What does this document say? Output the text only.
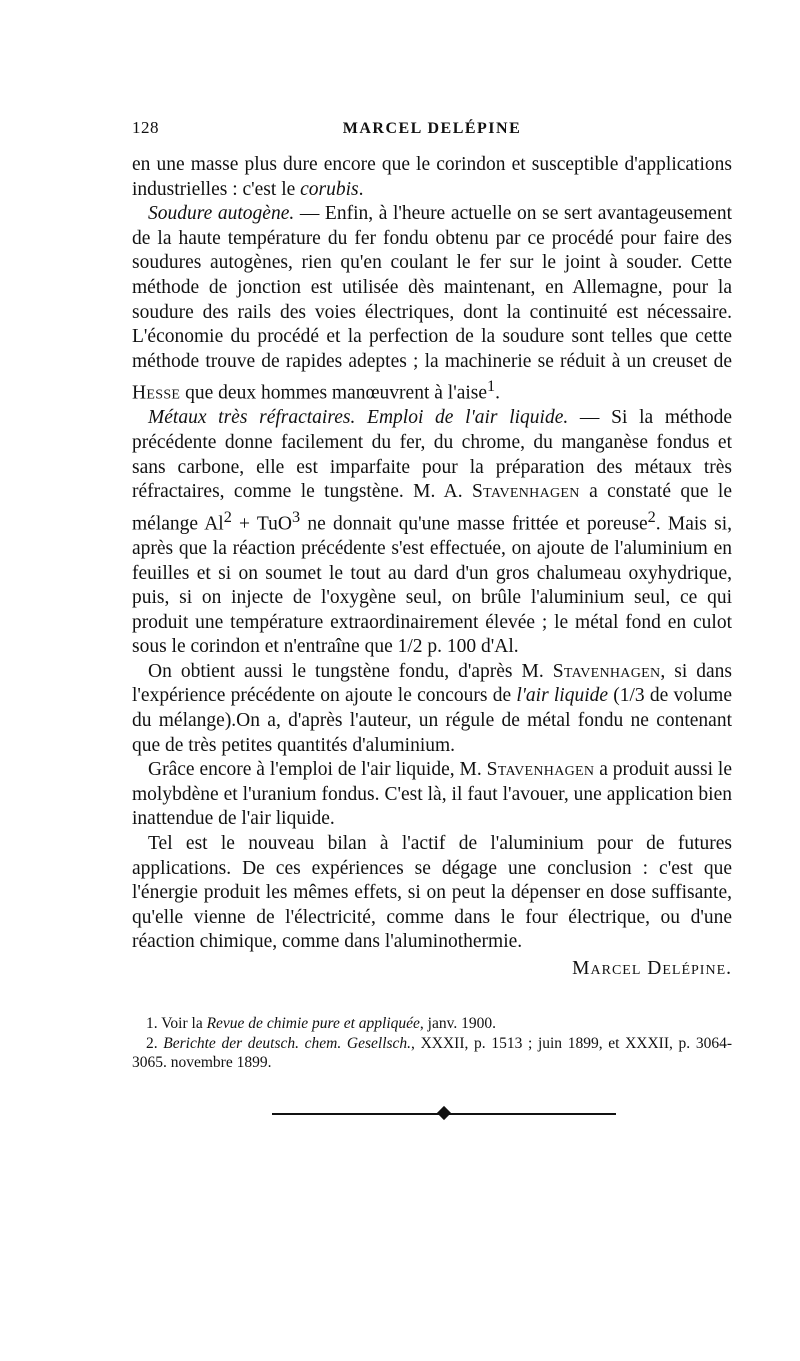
128	MARCEL DELÉPINE

en une masse plus dure encore que le corindon et susceptible d'applications industrielles : c'est le corubis.

Soudure autogène. — Enfin, à l'heure actuelle on se sert avantageusement de la haute température du fer fondu obtenu par ce procédé pour faire des soudures autogènes, rien qu'en coulant le fer sur le joint à souder. Cette méthode de jonction est utilisée dès maintenant, en Allemagne, pour la soudure des rails des voies électriques, dont la continuité est nécessaire. L'économie du procédé et la perfection de la soudure sont telles que cette méthode trouve de rapides adeptes ; la machinerie se réduit à un creuset de Hesse que deux hommes manœuvrent à l'aise$^1$.

Métaux très réfractaires. Emploi de l'air liquide. — Si la méthode précédente donne facilement du fer, du chrome, du manganèse fondus et sans carbone, elle est imparfaite pour la préparation des métaux très réfractaires, comme le tungstène. M. A. Stavenhagen a constaté que le mélange $Al^2 + TuO^3$ ne donnait qu'une masse frittée et poreuse$^2$. Mais si, après que la réaction précédente s'est effectuée, on ajoute de l'aluminium en feuilles et si on soumet le tout au dard d'un gros chalumeau oxyhydrique, puis, si on injecte de l'oxygène seul, on brûle l'aluminium seul, ce qui produit une température extraordinairement élevée ; le métal fond en culot sous le corindon et n'entraîne que 1/2 p. 100 d'Al.

On obtient aussi le tungstène fondu, d'après M. Stavenhagen, si dans l'expérience précédente on ajoute le concours de l'air liquide (1/3 de volume du mélange).On a, d'après l'auteur, un régule de métal fondu ne contenant que de très petites quantités d'aluminium.

Grâce encore à l'emploi de l'air liquide, M. Stavenhagen a produit aussi le molybdène et l'uranium fondus. C'est là, il faut l'avouer, une application bien inattendue de l'air liquide.

Tel est le nouveau bilan à l'actif de l'aluminium pour de futures applications. De ces expériences se dégage une conclusion : c'est que l'énergie produit les mêmes effets, si on peut la dépenser en dose suffisante, qu'elle vienne de l'électricité, comme dans le four électrique, ou d'une réaction chimique, comme dans l'aluminothermie.

Marcel Delépine.

1. Voir la Revue de chimie pure et appliquée, janv. 1900.

2. Berichte der deutsch. chem. Gesellsch., XXXII, p. 1513 ; juin 1899, et XXXII, p. 3064-3065. novembre 1899.
